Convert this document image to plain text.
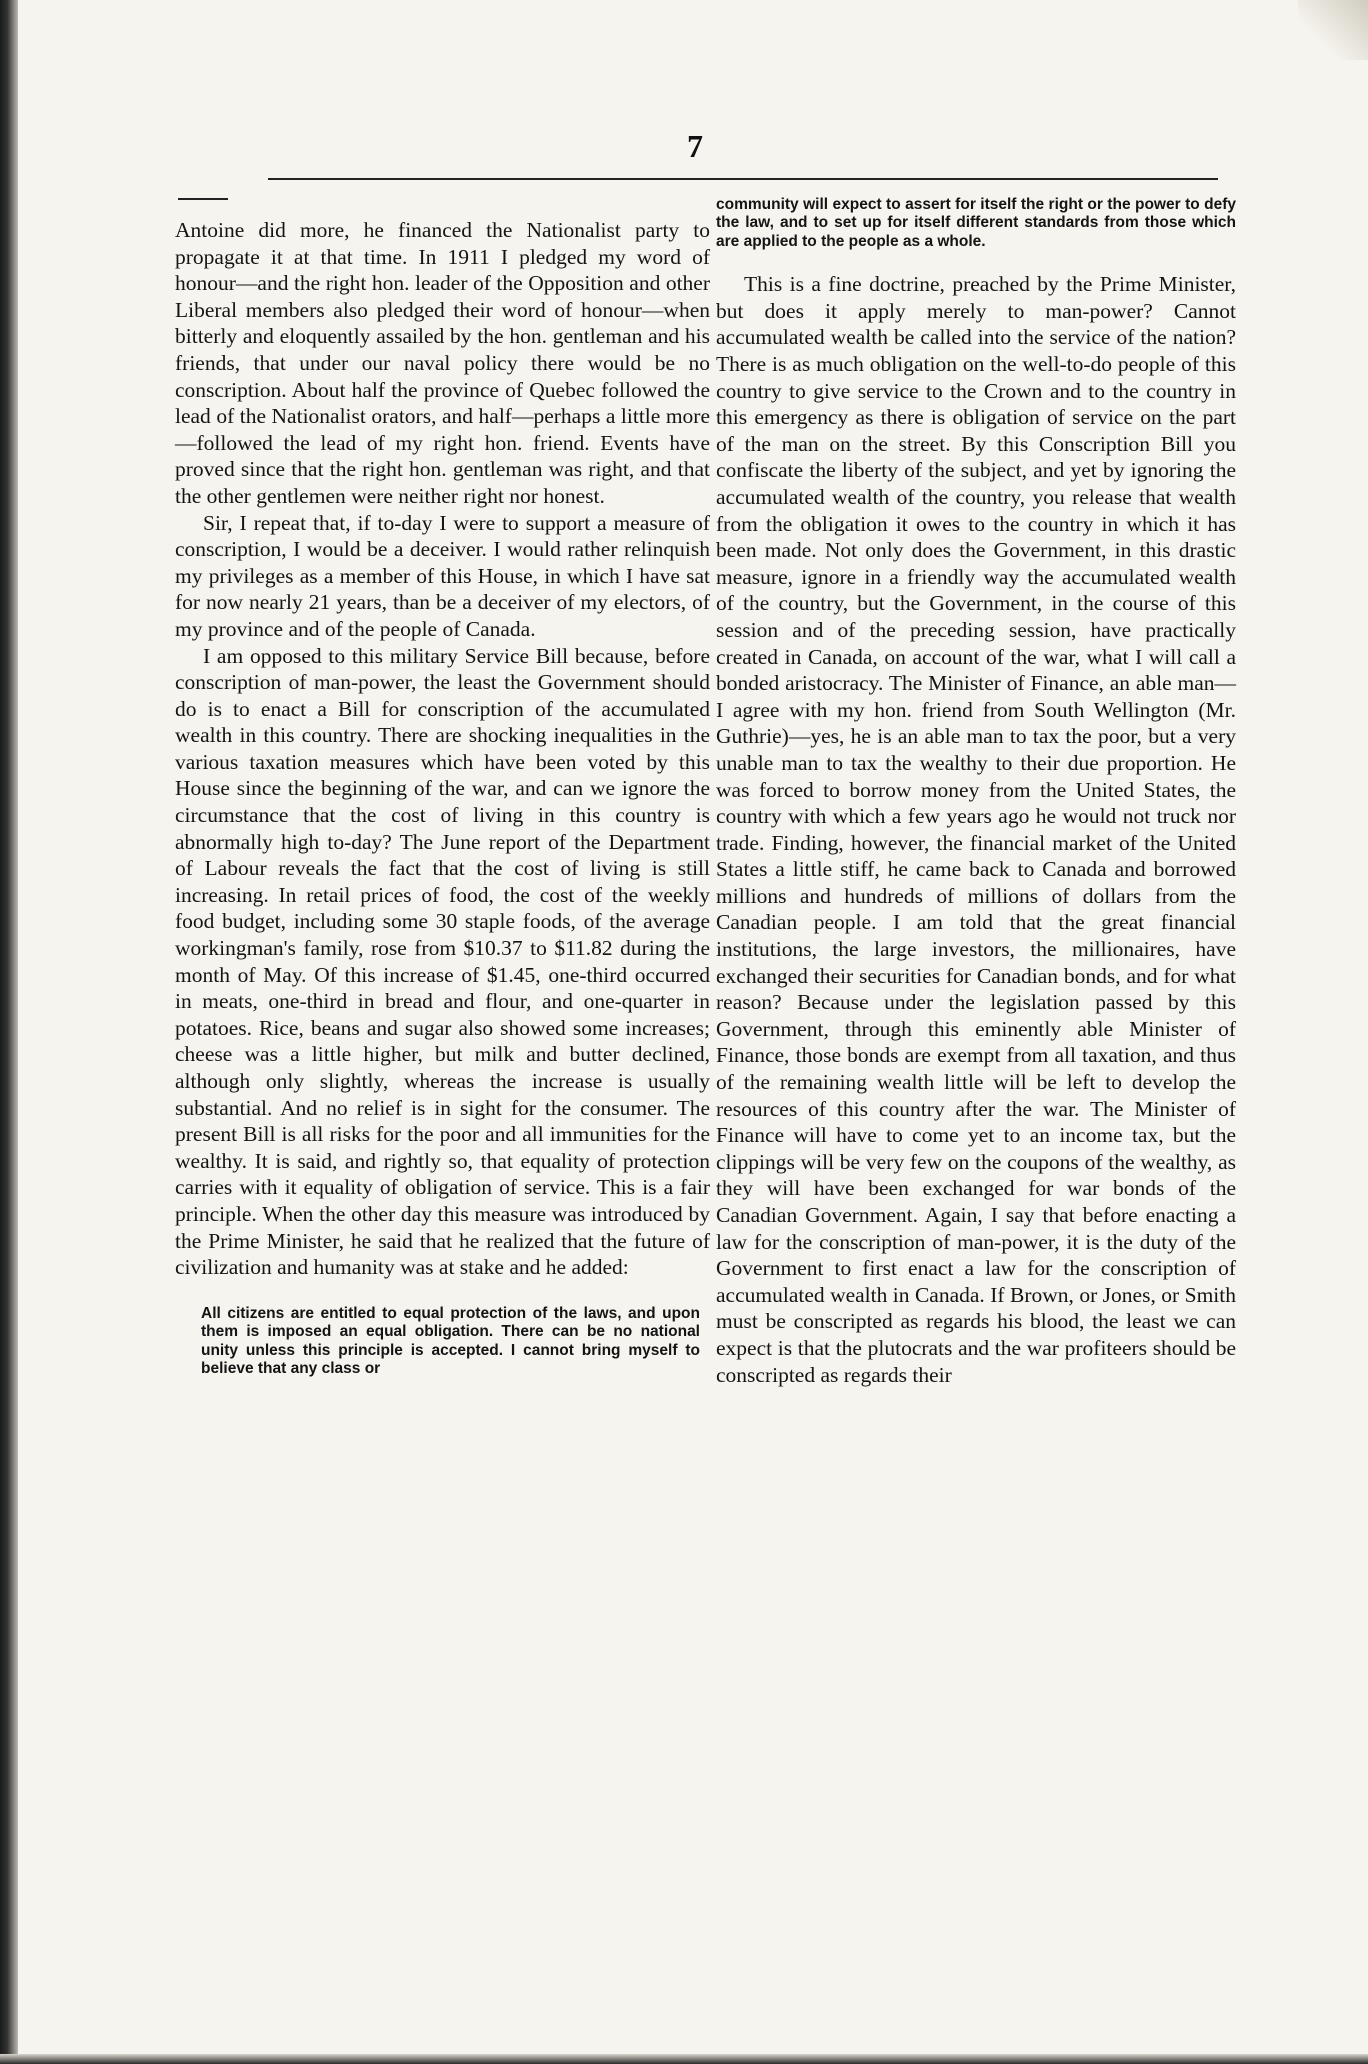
7

Antoine did more, he financed the Nationalist party to propagate it at that time. In 1911 I pledged my word of honour—and the right hon. leader of the Opposition and other Liberal members also pledged their word of honour—when bitterly and eloquently assailed by the hon. gentleman and his friends, that under our naval policy there would be no conscription. About half the province of Quebec followed the lead of the Nationalist orators, and half—perhaps a little more—followed the lead of my right hon. friend. Events have proved since that the right hon. gentleman was right, and that the other gentlemen were neither right nor honest.

Sir, I repeat that, if to-day I were to support a measure of conscription, I would be a deceiver. I would rather relinquish my privileges as a member of this House, in which I have sat for now nearly 21 years, than be a deceiver of my electors, of my province and of the people of Canada.

I am opposed to this military Service Bill because, before conscription of man-power, the least the Government should do is to enact a Bill for conscription of the accumulated wealth in this country. There are shocking inequalities in the various taxation measures which have been voted by this House since the beginning of the war, and can we ignore the circumstance that the cost of living in this country is abnormally high to-day? The June report of the Department of Labour reveals the fact that the cost of living is still increasing. In retail prices of food, the cost of the weekly food budget, including some 30 staple foods, of the average workingman's family, rose from $10.37 to $11.82 during the month of May. Of this increase of $1.45, one-third occurred in meats, one-third in bread and flour, and one-quarter in potatoes. Rice, beans and sugar also showed some increases; cheese was a little higher, but milk and butter declined, although only slightly, whereas the increase is usually substantial. And no relief is in sight for the consumer. The present Bill is all risks for the poor and all immunities for the wealthy. It is said, and rightly so, that equality of protection carries with it equality of obligation of service. This is a fair principle. When the other day this measure was introduced by the Prime Minister, he said that he realized that the future of civilization and humanity was at stake and he added:

All citizens are entitled to equal protection of the laws, and upon them is imposed an equal obligation. There can be no national unity unless this principle is accepted. I cannot bring myself to believe that any class or

community will expect to assert for itself the right or the power to defy the law, and to set up for itself different standards from those which are applied to the people as a whole.

This is a fine doctrine, preached by the Prime Minister, but does it apply merely to man-power? Cannot accumulated wealth be called into the service of the nation? There is as much obligation on the well-to-do people of this country to give service to the Crown and to the country in this emergency as there is obligation of service on the part of the man on the street. By this Conscription Bill you confiscate the liberty of the subject, and yet by ignoring the accumulated wealth of the country, you release that wealth from the obligation it owes to the country in which it has been made. Not only does the Government, in this drastic measure, ignore in a friendly way the accumulated wealth of the country, but the Government, in the course of this session and of the preceding session, have practically created in Canada, on account of the war, what I will call a bonded aristocracy. The Minister of Finance, an able man—I agree with my hon. friend from South Wellington (Mr. Guthrie)—yes, he is an able man to tax the poor, but a very unable man to tax the wealthy to their due proportion. He was forced to borrow money from the United States, the country with which a few years ago he would not truck nor trade. Finding, however, the financial market of the United States a little stiff, he came back to Canada and borrowed millions and hundreds of millions of dollars from the Canadian people. I am told that the great financial institutions, the large investors, the millionaires, have exchanged their securities for Canadian bonds, and for what reason? Because under the legislation passed by this Government, through this eminently able Minister of Finance, those bonds are exempt from all taxation, and thus of the remaining wealth little will be left to develop the resources of this country after the war. The Minister of Finance will have to come yet to an income tax, but the clippings will be very few on the coupons of the wealthy, as they will have been exchanged for war bonds of the Canadian Government. Again, I say that before enacting a law for the conscription of man-power, it is the duty of the Government to first enact a law for the conscription of accumulated wealth in Canada. If Brown, or Jones, or Smith must be conscripted as regards his blood, the least we can expect is that the plutocrats and the war profiteers should be conscripted as regards their
